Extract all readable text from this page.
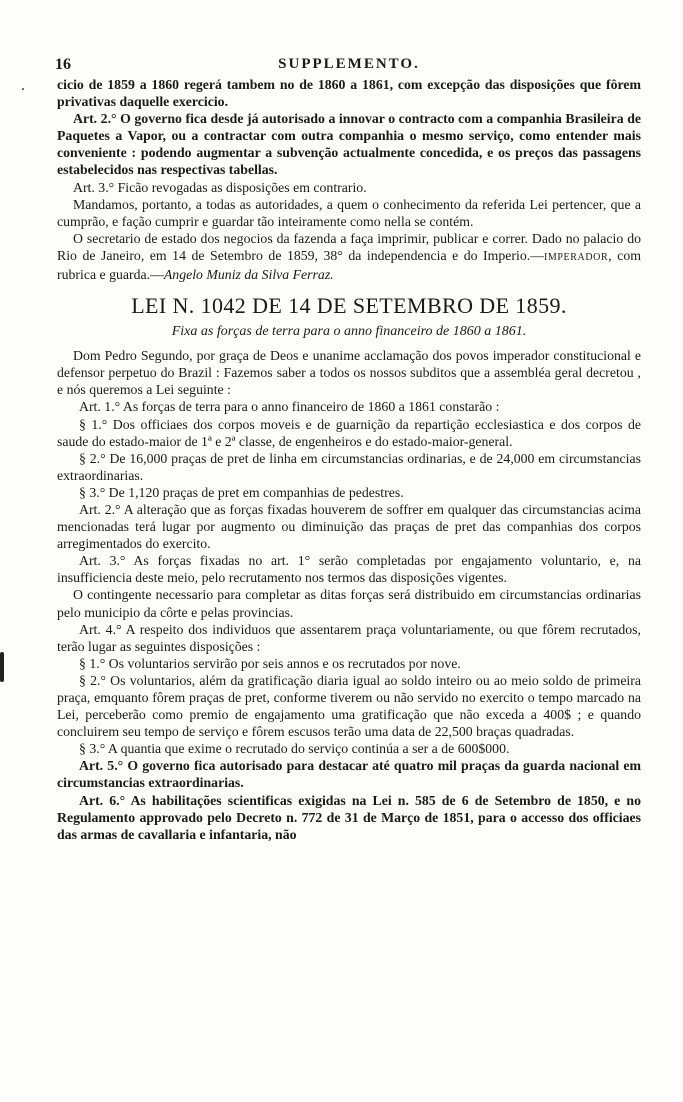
16	SUPPLEMENTO.

cicio de 1859 a 1860 regerá tambem no de 1860 a 1861, com excepção das disposições que fôrem privativas daquelle exercicio.

Art. 2.° O governo fica desde já autorisado a innovar o contracto com a companhia Brasileira de Paquetes a Vapor, ou a contractar com outra companhia o mesmo serviço, como entender mais conveniente : podendo augmentar a subvenção actualmente concedida, e os preços das passagens estabelecidos nas respectivas tabellas.

Art. 3.° Ficão revogadas as disposições em contrario.

Mandamos, portanto, a todas as autoridades, a quem o conhecimento da referida Lei pertencer, que a cumprão, e fação cumprir e guardar tão inteiramente como nella se contém.

O secretario de estado dos negocios da fazenda a faça imprimir, publicar e correr. Dado no palacio do Rio de Janeiro, em 14 de Setembro de 1859, 38° da independencia e do Imperio.—IMPERADOR, com rubrica e guarda.—Angelo Muniz da Silva Ferraz.

LEI N. 1042 DE 14 DE SETEMBRO DE 1859.
Fixa as forças de terra para o anno financeiro de 1860 a 1861.

Dom Pedro Segundo, por graça de Deos e unanime acclamação dos povos imperador constitucional e defensor perpetuo do Brazil : Fazemos saber a todos os nossos subditos que a assembléa geral decretou , e nós queremos a Lei seguinte :

Art. 1.° As forças de terra para o anno financeiro de 1860 a 1861 constarão :

§ 1.° Dos officiaes dos corpos moveis e de guarnição da repartição ecclesiastica e dos corpos de saude do estado-maior de 1ª e 2ª classe, de engenheiros e do estado-maior-general.

§ 2.° De 16,000 praças de pret de linha em circumstancias ordinarias, e de 24,000 em circumstancias extraordinarias.

§ 3.° De 1,120 praças de pret em companhias de pedestres.

Art. 2.° A alteração que as forças fixadas houverem de soffrer em qualquer das circumstancias acima mencionadas terá lugar por augmento ou diminuição das praças de pret das companhias dos corpos arregimentados do exercito.

Art. 3.° As forças fixadas no art. 1° serão completadas por engajamento voluntario, e, na insufficiencia deste meio, pelo recrutamento nos termos das disposições vigentes.

O contingente necessario para completar as ditas forças será distribuido em circumstancias ordinarias pelo municipio da côrte e pelas provincias.

Art. 4.° A respeito dos individuos que assentarem praça voluntariamente, ou que fôrem recrutados, terão lugar as seguintes disposições :

§ 1.° Os voluntarios servirão por seis annos e os recrutados por nove.

§ 2.° Os voluntarios, além da gratificação diaria igual ao soldo inteiro ou ao meio soldo de primeira praça, emquanto fôrem praças de pret, conforme tiverem ou não servido no exercito o tempo marcado na Lei, perceberão como premio de engajamento uma gratificação que não exceda a 400$ ; e quando concluirem seu tempo de serviço e fôrem escusos terão uma data de 22,500 braças quadradas.

§ 3.° A quantia que exime o recrutado do serviço continúa a ser a de 600$000.

Art. 5.° O governo fica autorisado para destacar até quatro mil praças da guarda nacional em circumstancias extraordinarias.

Art. 6.° As habilitações scientificas exigidas na Lei n. 585 de 6 de Setembro de 1850, e no Regulamento approvado pelo Decreto n. 772 de 31 de Março de 1851, para o accesso dos officiaes das armas de cavallaria e infantaria, não
